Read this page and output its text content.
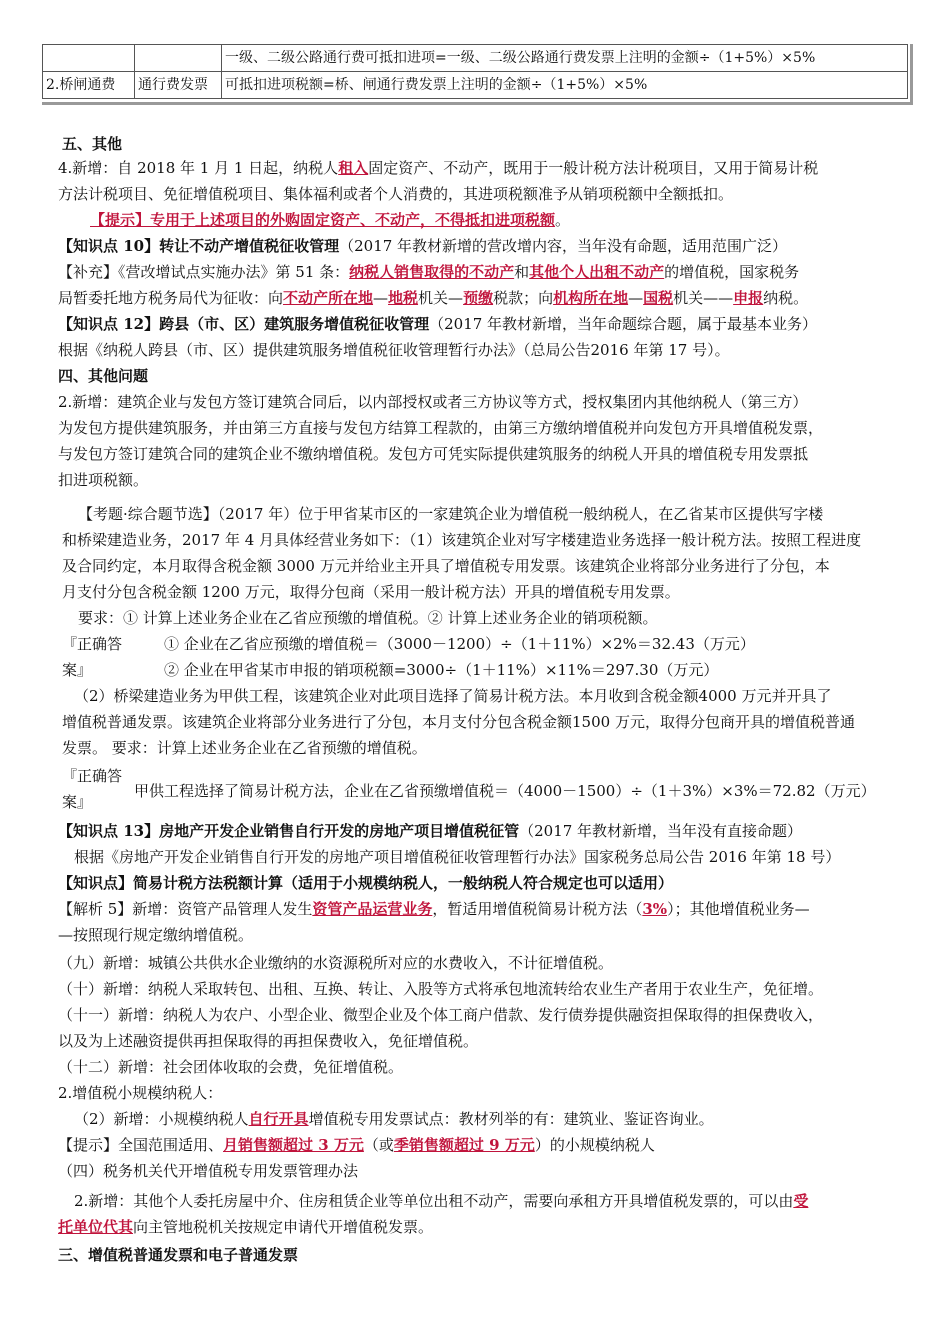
		一级、二级公路通行费可抵扣进项=一级、二级公路通行费发票上注明的金额÷（1+5%）×5%
2.桥闸通费	通行费发票	可抵扣进项税额=桥、闸通行费发票上注明的金额÷（1+5%）×5%
五、其他
4.新增：自 2018 年 1 月 1 日起，纳税人租入固定资产、不动产，既用于一般计税方法计税项目，又用于简易计税
方法计税项目、免征增值税项目、集体福利或者个人消费的，其进项税额准予从销项税额中全额抵扣。
【提示】专用于上述项目的外购固定资产、不动产，不得抵扣进项税额。
【知识点 10】转让不动产增值税征收管理（2017 年教材新增的营改增内容，当年没有命题，适用范围广泛）
【补充】《营改增试点实施办法》第 51 条：纳税人销售取得的不动产和其他个人出租不动产的增值税，国家税务
局暂委托地方税务局代为征收：向不动产所在地—地税机关—预缴税款；向机构所在地—国税机关——申报纳税。
【知识点 12】跨县（市、区）建筑服务增值税征收管理（2017 年教材新增，当年命题综合题，属于最基本业务）
根据《纳税人跨县（市、区）提供建筑服务增值税征收管理暂行办法》（总局公告2016 年第 17 号）。
四、其他问题
2.新增：建筑企业与发包方签订建筑合同后，以内部授权或者三方协议等方式，授权集团内其他纳税人（第三方）
为发包方提供建筑服务，并由第三方直接与发包方结算工程款的，由第三方缴纳增值税并向发包方开具增值税发票，
与发包方签订建筑合同的建筑企业不缴纳增值税。发包方可凭实际提供建筑服务的纳税人开具的增值税专用发票抵
扣进项税额。
【考题·综合题节选】（2017 年）位于甲省某市区的一家建筑企业为增值税一般纳税人，在乙省某市区提供写字楼
和桥梁建造业务，2017 年 4 月具体经营业务如下：（1）该建筑企业对写字楼建造业务选择一般计税方法。按照工程进度
及合同约定，本月取得含税金额 3000 万元并给业主开具了增值税专用发票。该建筑企业将部分业务进行了分包，本
月支付分包含税金额 1200 万元，取得分包商（采用一般计税方法）开具的增值税专用发票。
要求：① 计算上述业务企业在乙省应预缴的增值税。② 计算上述业务企业的销项税额。
『正确答
案』
① 企业在乙省应预缴的增值税＝（3000－1200）÷（1＋11%）×2%＝32.43（万元）
② 企业在甲省某市申报的销项税额=3000÷（1＋11%）×11%＝297.30（万元）
（2）桥梁建造业务为甲供工程，该建筑企业对此项目选择了简易计税方法。本月收到含税金额4000 万元并开具了
增值税普通发票。该建筑企业将部分业务进行了分包，本月支付分包含税金额1500 万元，取得分包商开具的增值税普通
发票。 要求：计算上述业务企业在乙省预缴的增值税。
『正确答
案』
甲供工程选择了简易计税方法，企业在乙省预缴增值税＝（4000－1500）÷（1＋3%）×3%＝72.82（万元）
【知识点 13】房地产开发企业销售自行开发的房地产项目增值税征管（2017 年教材新增，当年没有直接命题）
根据《房地产开发企业销售自行开发的房地产项目增值税征收管理暂行办法》国家税务总局公告 2016 年第 18 号）
【知识点】简易计税方法税额计算（适用于小规模纳税人，一般纳税人符合规定也可以适用）
【解析 5】新增：资管产品管理人发生资管产品运营业务，暂适用增值税简易计税方法（3%）；其他增值税业务—
—按照现行规定缴纳增值税。
（九）新增：城镇公共供水企业缴纳的水资源税所对应的水费收入，不计征增值税。
（十）新增：纳税人采取转包、出租、互换、转让、入股等方式将承包地流转给农业生产者用于农业生产，免征增。
（十一）新增：纳税人为农户、小型企业、微型企业及个体工商户借款、发行债券提供融资担保取得的担保费收入，
以及为上述融资提供再担保取得的再担保费收入，免征增值税。
（十二）新增：社会团体收取的会费，免征增值税。
2.增值税小规模纳税人：
（2）新增：小规模纳税人自行开具增值税专用发票试点：教材列举的有：建筑业、鉴证咨询业。
【提示】全国范围适用、月销售额超过 3 万元（或季销售额超过 9 万元）的小规模纳税人
（四）税务机关代开增值税专用发票管理办法
2.新增：其他个人委托房屋中介、住房租赁企业等单位出租不动产，需要向承租方开具增值税发票的，可以由受
托单位代其向主管地税机关按规定申请代开增值税发票。
三、增值税普通发票和电子普通发票
